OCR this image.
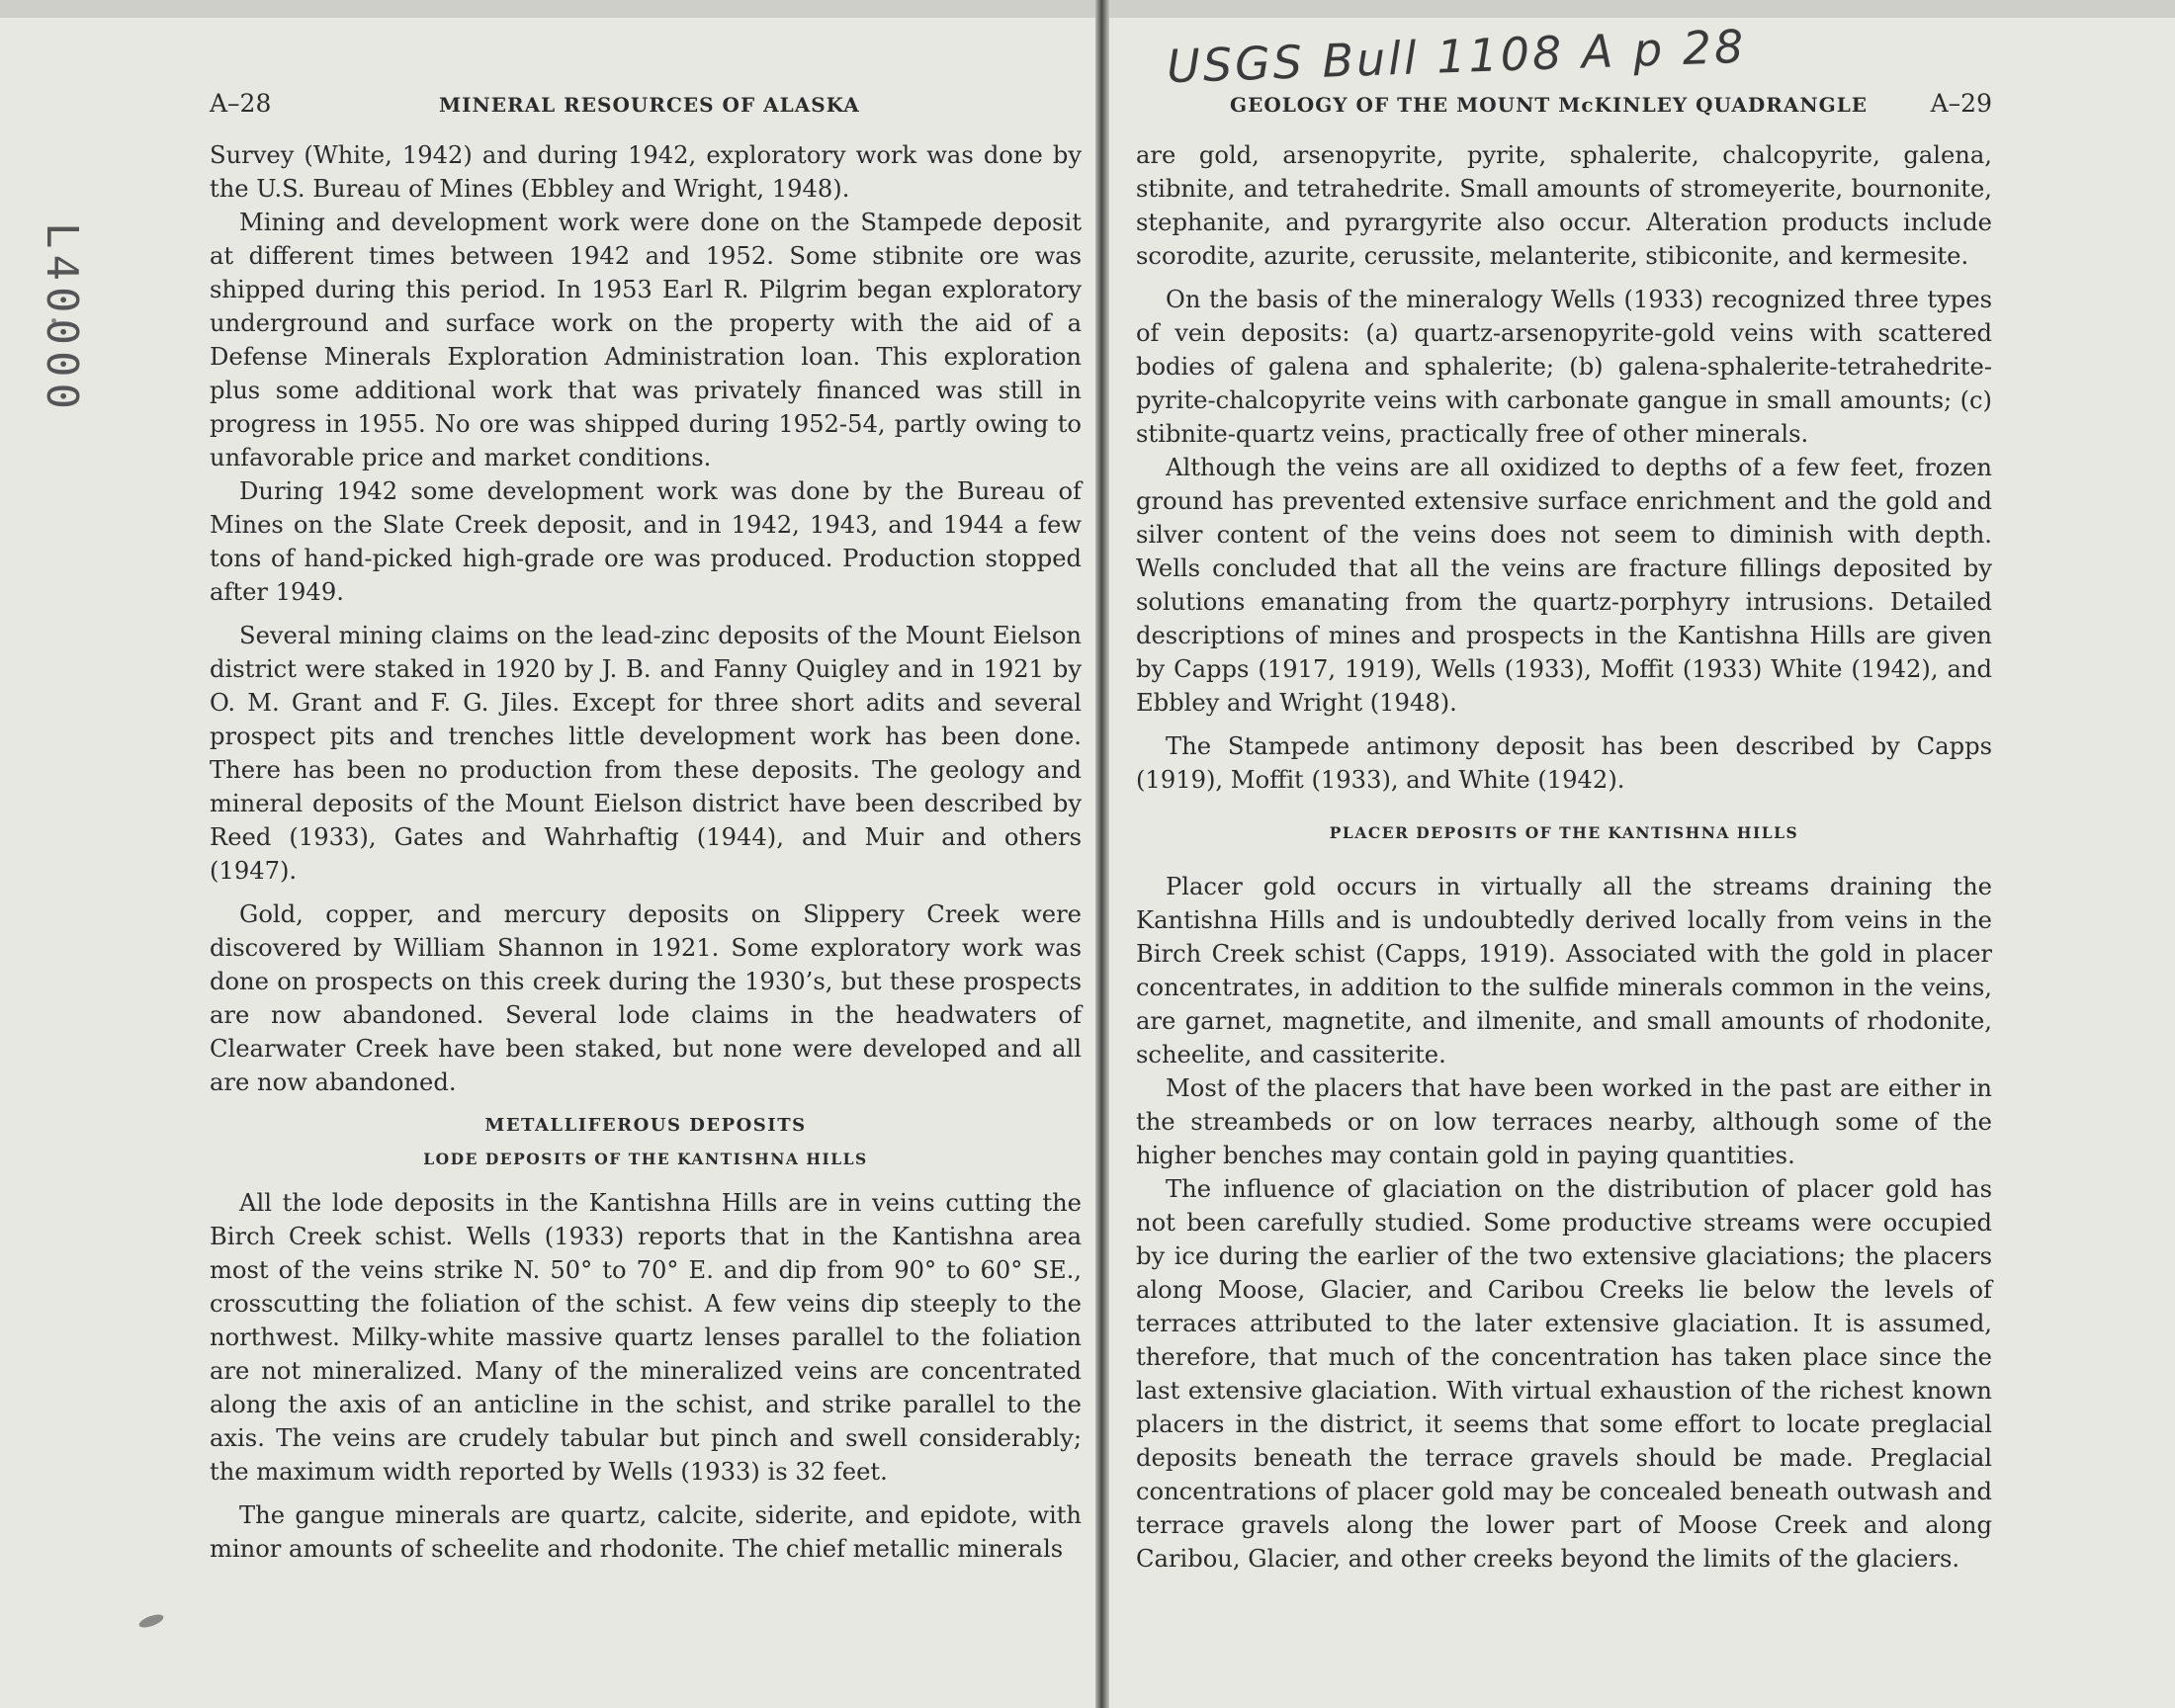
L40000
USGS Bull 1108 A p 28
A–28	MINERAL RESOURCES OF ALASKA	GEOLOGY OF THE MOUNT McKINLEY QUADRANGLE	A–29

Survey (White, 1942) and during 1942, exploratory work was done by the U.S. Bureau of Mines (Ebbley and Wright, 1948).

Mining and development work were done on the Stampede deposit at different times between 1942 and 1952. Some stibnite ore was shipped during this period. In 1953 Earl R. Pilgrim began exploratory underground and surface work on the property with the aid of a Defense Minerals Exploration Administration loan. This exploration plus some additional work that was privately financed was still in progress in 1955. No ore was shipped during 1952-54, partly owing to unfavorable price and market conditions.

During 1942 some development work was done by the Bureau of Mines on the Slate Creek deposit, and in 1942, 1943, and 1944 a few tons of hand-picked high-grade ore was produced. Production stopped after 1949.

Several mining claims on the lead-zinc deposits of the Mount Eielson district were staked in 1920 by J. B. and Fanny Quigley and in 1921 by O. M. Grant and F. G. Jiles. Except for three short adits and several prospect pits and trenches little development work has been done. There has been no production from these deposits. The geology and mineral deposits of the Mount Eielson district have been described by Reed (1933), Gates and Wahrhaftig (1944), and Muir and others (1947).

Gold, copper, and mercury deposits on Slippery Creek were discovered by William Shannon in 1921. Some exploratory work was done on prospects on this creek during the 1930’s, but these prospects are now abandoned. Several lode claims in the headwaters of Clearwater Creek have been staked, but none were developed and all are now abandoned.

METALLIFEROUS DEPOSITS
LODE DEPOSITS OF THE KANTISHNA HILLS

All the lode deposits in the Kantishna Hills are in veins cutting the Birch Creek schist. Wells (1933) reports that in the Kantishna area most of the veins strike N. 50° to 70° E. and dip from 90° to 60° SE., crosscutting the foliation of the schist. A few veins dip steeply to the northwest. Milky-white massive quartz lenses parallel to the foliation are not mineralized. Many of the mineralized veins are concentrated along the axis of an anticline in the schist, and strike parallel to the axis. The veins are crudely tabular but pinch and swell considerably; the maximum width reported by Wells (1933) is 32 feet.

The gangue minerals are quartz, calcite, siderite, and epidote, with minor amounts of scheelite and rhodonite. The chief metallic minerals

are gold, arsenopyrite, pyrite, sphalerite, chalcopyrite, galena, stibnite, and tetrahedrite. Small amounts of stromeyerite, bournonite, stephanite, and pyrargyrite also occur. Alteration products include scorodite, azurite, cerussite, melanterite, stibiconite, and kermesite.

On the basis of the mineralogy Wells (1933) recognized three types of vein deposits: (a) quartz-arsenopyrite-gold veins with scattered bodies of galena and sphalerite; (b) galena-sphalerite-tetrahedrite-pyrite-chalcopyrite veins with carbonate gangue in small amounts; (c) stibnite-quartz veins, practically free of other minerals.

Although the veins are all oxidized to depths of a few feet, frozen ground has prevented extensive surface enrichment and the gold and silver content of the veins does not seem to diminish with depth. Wells concluded that all the veins are fracture fillings deposited by solutions emanating from the quartz-porphyry intrusions. Detailed descriptions of mines and prospects in the Kantishna Hills are given by Capps (1917, 1919), Wells (1933), Moffit (1933) White (1942), and Ebbley and Wright (1948).

The Stampede antimony deposit has been described by Capps (1919), Moffit (1933), and White (1942).

PLACER DEPOSITS OF THE KANTISHNA HILLS

Placer gold occurs in virtually all the streams draining the Kantishna Hills and is undoubtedly derived locally from veins in the Birch Creek schist (Capps, 1919). Associated with the gold in placer concentrates, in addition to the sulfide minerals common in the veins, are garnet, magnetite, and ilmenite, and small amounts of rhodonite, scheelite, and cassiterite.

Most of the placers that have been worked in the past are either in the streambeds or on low terraces nearby, although some of the higher benches may contain gold in paying quantities.

The influence of glaciation on the distribution of placer gold has not been carefully studied. Some productive streams were occupied by ice during the earlier of the two extensive glaciations; the placers along Moose, Glacier, and Caribou Creeks lie below the levels of terraces attributed to the later extensive glaciation. It is assumed, therefore, that much of the concentration has taken place since the last extensive glaciation. With virtual exhaustion of the richest known placers in the district, it seems that some effort to locate preglacial deposits beneath the terrace gravels should be made. Preglacial concentrations of placer gold may be concealed beneath outwash and terrace gravels along the lower part of Moose Creek and along Caribou, Glacier, and other creeks beyond the limits of the glaciers.
